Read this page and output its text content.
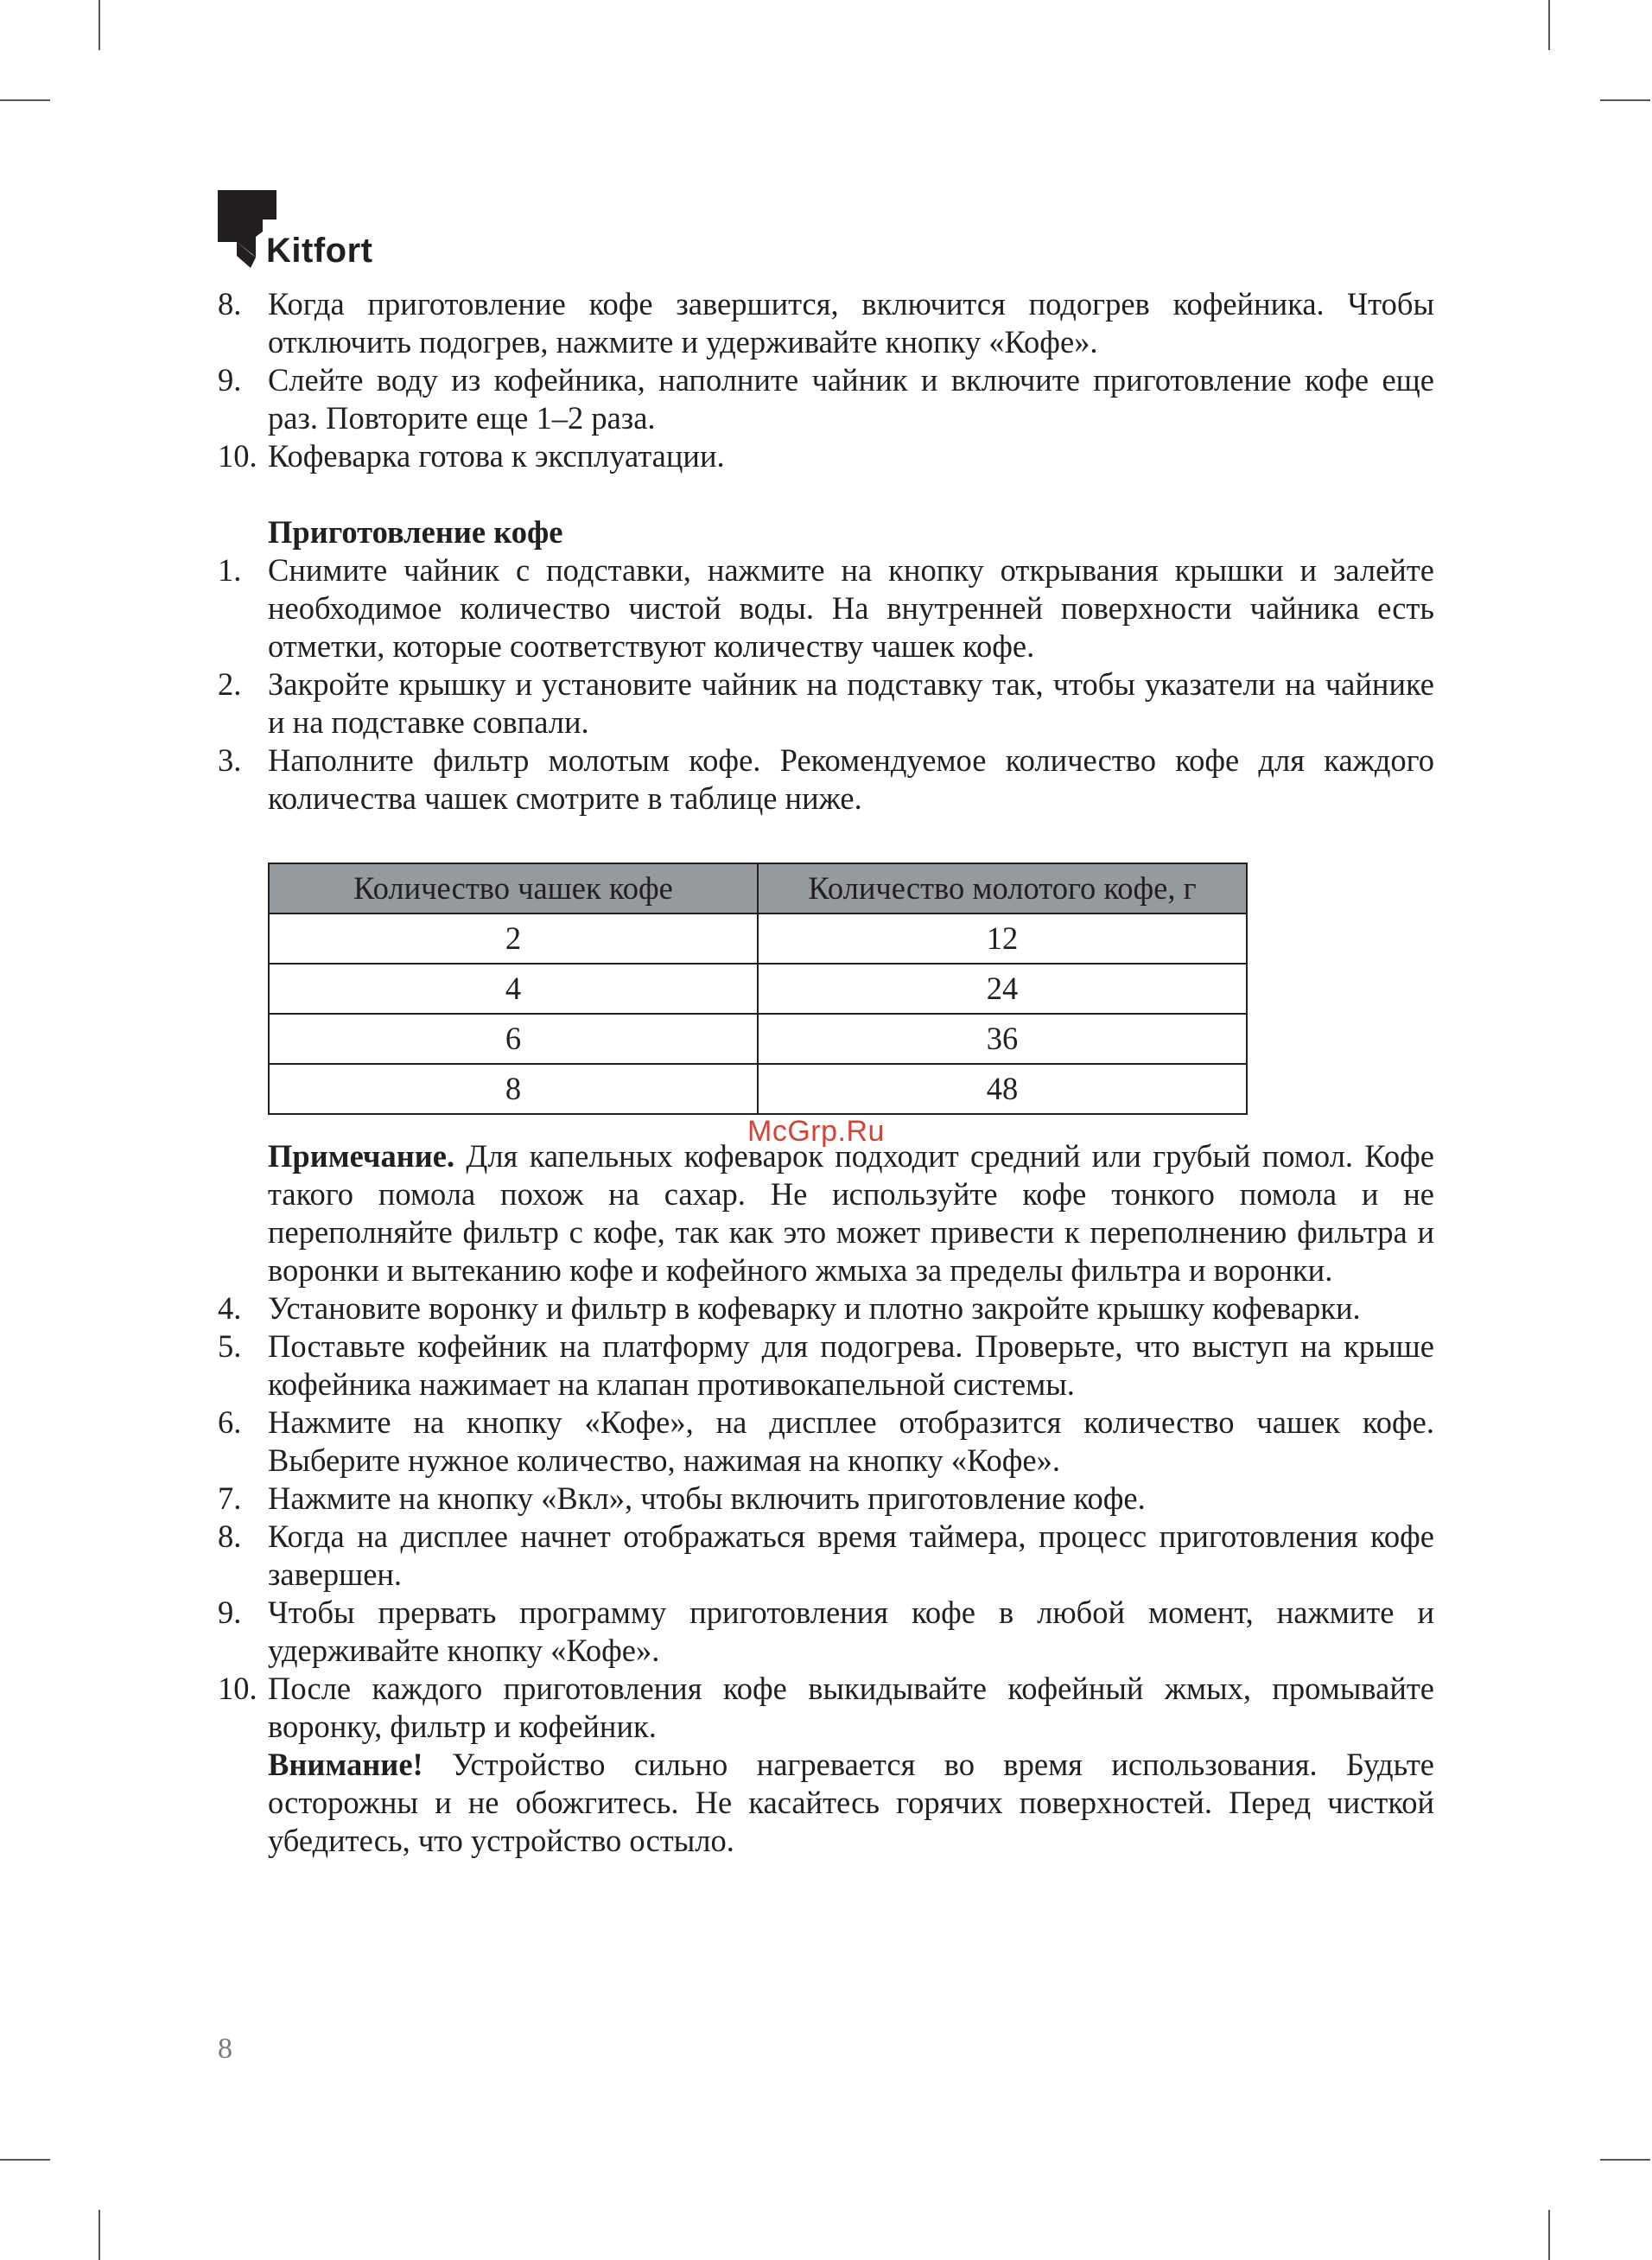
Kitfort
8. Когда приготовление кофе завершится, включится подогрев кофейника. Чтобы отключить подогрев, нажмите и удерживайте кнопку «Кофе».
9. Слейте воду из кофейника, наполните чайник и включите приготовление кофе еще раз. Повторите еще 1–2 раза.
10. Кофеварка готова к эксплуатации.
Приготовление кофе
1. Снимите чайник с подставки, нажмите на кнопку открывания крышки и залейте необходимое количество чистой воды. На внутренней поверхности чайника есть отметки, которые соответствуют количеству чашек кофе.
2. Закройте крышку и установите чайник на подставку так, чтобы указатели на чайнике и на подставке совпали.
3. Наполните фильтр молотым кофе. Рекомендуемое количество кофе для каждого количества чашек смотрите в таблице ниже.
Количество чашек кофе	Количество молотого кофе, г
2	12
4	24
6	36
8	48
Примечание. Для капельных кофеварок подходит средний или грубый помол. Кофе такого помола похож на сахар. Не используйте кофе тонкого помола и не переполняйте фильтр с кофе, так как это может привести к переполнению фильтра и воронки и вытеканию кофе и кофейного жмыха за пределы фильтра и воронки.
4. Установите воронку и фильтр в кофеварку и плотно закройте крышку кофеварки.
5. Поставьте кофейник на платформу для подогрева. Проверьте, что выступ на крыше кофейника нажимает на клапан противокапельной системы.
6. Нажмите на кнопку «Кофе», на дисплее отобразится количество чашек кофе. Выберите нужное количество, нажимая на кнопку «Кофе».
7. Нажмите на кнопку «Вкл», чтобы включить приготовление кофе.
8. Когда на дисплее начнет отображаться время таймера, процесс приготовления кофе завершен.
9. Чтобы прервать программу приготовления кофе в любой момент, нажмите и удерживайте кнопку «Кофе».
10. После каждого приготовления кофе выкидывайте кофейный жмых, промывайте воронку, фильтр и кофейник.
Внимание! Устройство сильно нагревается во время использования. Будьте осторожны и не обожгитесь. Не касайтесь горячих поверхностей. Перед чисткой убедитесь, что устройство остыло.
McGrp.Ru
8
